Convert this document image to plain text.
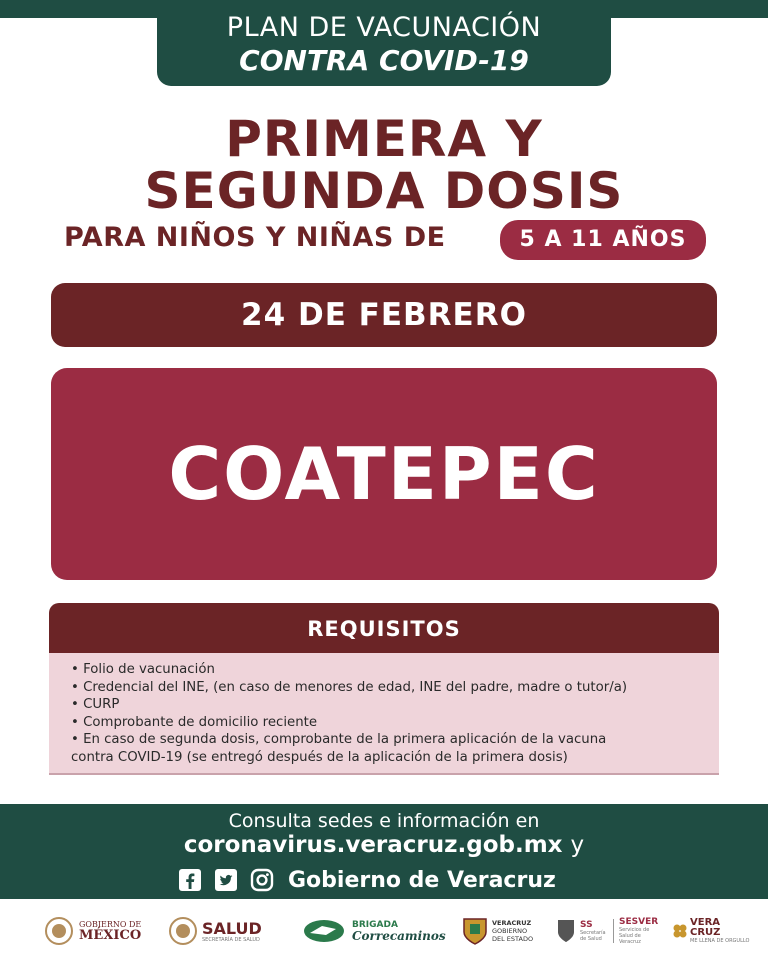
PLAN DE VACUNACIÓN
CONTRA COVID-19
PRIMERA Y
SEGUNDA DOSIS
PARA NIÑOS Y NIÑAS DE	5 A 11 AÑOS
24 DE FEBRERO
COATEPEC
REQUISITOS
• Folio de vacunación
• Credencial del INE, (en caso de menores de edad, INE del padre, madre o tutor/a)
• CURP
• Comprobante de domicilio reciente
• En caso de segunda dosis, comprobante de la primera aplicación de la vacuna
contra COVID-19 (se entregó después de la aplicación de la primera dosis)
Consulta sedes e información en
coronavirus.veracruz.gob.mx y
Gobierno de Veracruz
GOBIERNO DE
MÉXICO	SALUD
SECRETARÍA DE SALUD
BRIGADA
Correcaminos
VERACRUZ
GOBIERNO
DEL ESTADO
SS
Secretaría de Salud
SESVER
Servicios de Salud de Veracruz
VERA
CRUZ
ME LLENA DE ORGULLO
